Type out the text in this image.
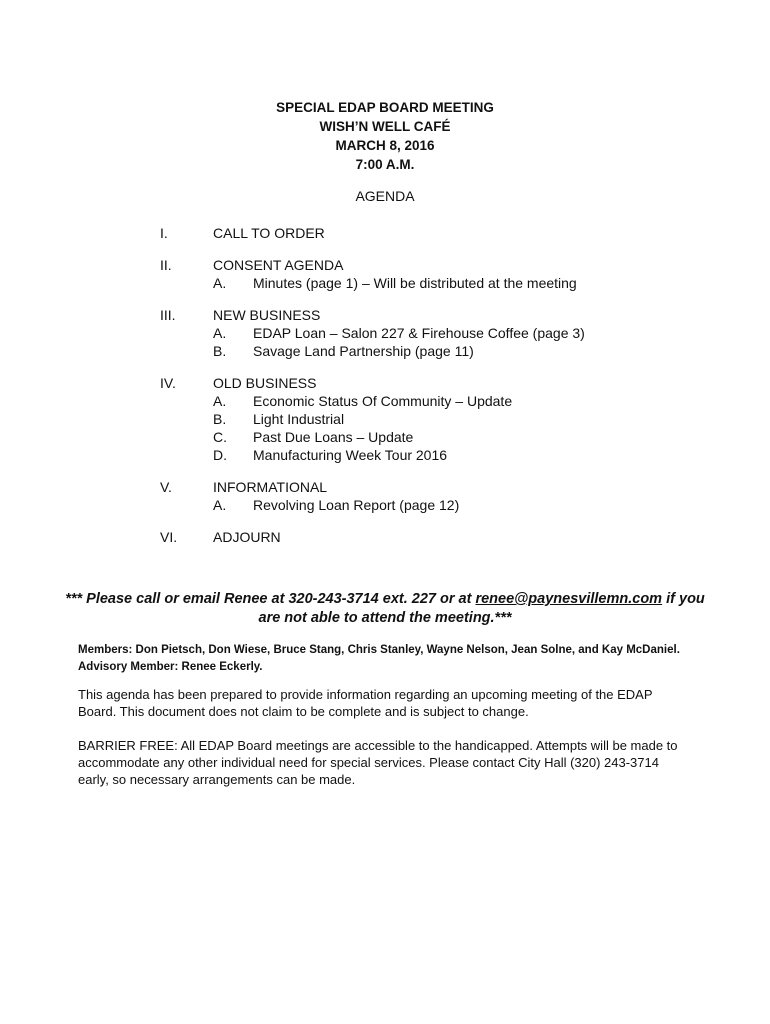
SPECIAL EDAP BOARD MEETING
WISH’N WELL CAFÉ
MARCH 8, 2016
7:00 A.M.
AGENDA
I.	CALL TO ORDER
II.	CONSENT AGENDA
A. Minutes (page 1) – Will be distributed at the meeting
III.	NEW BUSINESS
A. EDAP Loan – Salon 227 & Firehouse Coffee (page 3)
B. Savage Land Partnership (page 11)
IV.	OLD BUSINESS
A. Economic Status Of Community – Update
B. Light Industrial
C. Past Due Loans – Update
D. Manufacturing Week Tour 2016
V.	INFORMATIONAL
A. Revolving Loan Report (page 12)
VI.	ADJOURN
*** Please call or email Renee at 320-243-3714 ext. 227 or at renee@paynesvillemn.com if you are not able to attend the meeting.***
Members: Don Pietsch, Don Wiese, Bruce Stang, Chris Stanley, Wayne Nelson, Jean Solne, and Kay McDaniel. Advisory Member: Renee Eckerly.
This agenda has been prepared to provide information regarding an upcoming meeting of the EDAP Board. This document does not claim to be complete and is subject to change.
BARRIER FREE: All EDAP Board meetings are accessible to the handicapped. Attempts will be made to accommodate any other individual need for special services. Please contact City Hall (320) 243-3714 early, so necessary arrangements can be made.
